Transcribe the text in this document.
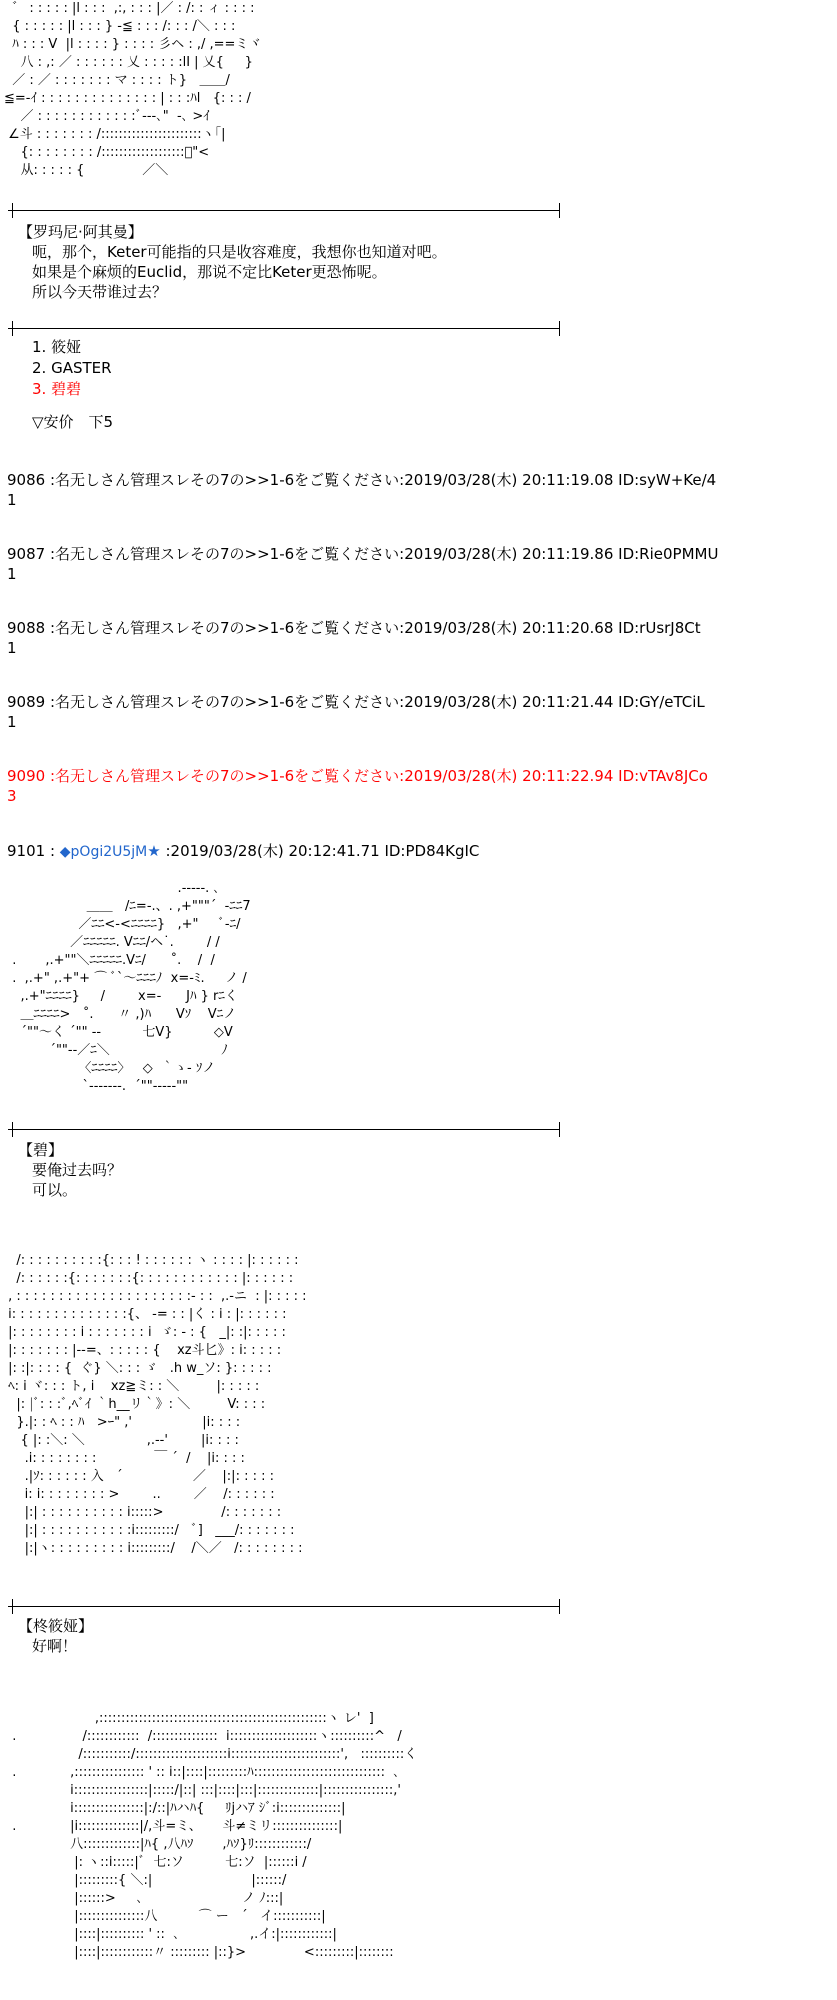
゛ : : : : : |l : : :  ,:, : : : |／ : /: : ィ : : : :
{ : : : : : |l : : : } ‐≦ : : : /: : : /＼ : : :
ﾊ : : : V  |l : : : : } : : : : 彡ヘ : ,/ ,==ミヾ
八 : ,: ／ : : : : : : 乂 : : : : :lI | 乂{     }
／ : ／ : : : : : : : マ : : : : ト}   ＿＿/
≦=-ｲ : : : : : : : : : : : : : : | : : :ﾊl   {: : : /
／ : : : : : : : : : : : :ﾞ‐-‐､"  -､ >ｲ
∠斗 : : : : : : : /:::::::::::::::::::::::ヽ｢|
{: : : : : : : : /:::::::::::::::::::ﾞ"<
从: : : : : {              ／＼
【罗玛尼·阿其曼】
呃，那个，Keter可能指的只是收容难度，我想你也知道对吧。
如果是个麻烦的Euclid，那说不定比Keter更恐怖呢。
所以今天带谁过去？
1. 筱娅
2. GASTER
3. 碧碧
▽安价　下5
9086 :名无しさん管理スレその7の>>1-6をご覧ください:2019/03/28(木) 20:11:19.08 ID:syW+Ke/4
1
9087 :名无しさん管理スレその7の>>1-6をご覧ください:2019/03/28(木) 20:11:19.86 ID:Rie0PMMU
1
9088 :名无しさん管理スレその7の>>1-6をご覧ください:2019/03/28(木) 20:11:20.68 ID:rUsrJ8Ct
1
9089 :名无しさん管理スレその7の>>1-6をご覧ください:2019/03/28(木) 20:11:21.44 ID:GY/eTCiL
1
9090 :名无しさん管理スレその7の>>1-6をご覧ください:2019/03/28(木) 20:11:22.94 ID:vTAv8JCo
3
9101 : ◆pOgi2U5jM★ :2019/03/28(木) 20:12:41.71 ID:PD84KgIC
.-----. ､
＿＿   /ﾆ=-.、. ,+"""´  -ﾆﾆ7
／ﾆﾆ<-<ﾆﾆﾆﾆ}   ,+"     ﾞ-ﾆ/
／ﾆﾆﾆﾆﾆ. Vﾆﾆ/ヘ˙.        / /
.       ,.+""＼ﾆﾆﾆﾆﾆ.Vﾆ/      ˚.    /  /
.  ,.+" ,.+"+ ⌒ ﾞ`～ﾆﾆﾆﾉ  x=-ﾐ.     ノ /
,.+"ﾆﾆﾆﾆ}     /        x=-      Jﾊ } rﾆく
＿ﾆﾆﾆﾆ>   ˚.      〃 ,)ﾊ      Vｿ    Vﾆノ
´""～く ´"" --          七V}          ◇V
´""--／ﾆ＼                           ﾉ
〈ﾆﾆﾆﾆ〉   ◇  ｀ゝ- ｿノ
`-------.  ´""-----""
【碧】
要俺过去吗？
可以。
/: : : : : : : : : :{: : : ! : : : : : : ヽ : : : : |: : : : : :
/: : : : : :{: : : : : : :{: : : : : : : : : : : : |: : : : : :
, : : : : : : : : : : : : : : : : : : : : :- : :  ,.-ニ  : |: : : : :
i: : : : : : : : : : : : : :{、 -= : : |く : i : |: : : : : :
|: : : : : : : : i : : : : : : : i  ゞ: ‐ : {   _|: :|: : : : :
|: : : : : : : |‐‐=、: : : : : {    xz斗匕》: i: : : : :
|: :|: : : : {  ぐ} ＼: : : ゞ   .h w_ソ: }: : : : :
ﾍ: i ヾ: : : ト, i    xz≧ミ: : ＼         |: : : : :
|: |ﾞ: : :ﾞ,ﾍﾞｲ ｀h__リ｀》: ＼         V: : : :
}.|: : ﾍ : : ﾊ   >ｰ" ,'                 |i: : : :
{ |: :＼: ＼               ,.-‐'        |i: : : :
.i: : : : : : : :              ￣ ´  /    |i: : : :
.|ｿ: : : : : : 入   ´                 ／    |:|: : : : :
i: i: : : : : : : : >        ..        ／    /: : : : : :
|:| : : : : : : : : : : i:::::>              /: : : : : : :
|:| : : : : : : : : : : :i:::::::::/   ﾞ]   ___/: : : : : : :
|:|ヽ: : : : : : : : : i:::::::::/    /＼／   /: : : : : : : :
【柊筱娅】
好啊！
,::::::::::::::::::::::::::::::::::::::::::::::::::::ヽ レ'  ]
.                /::::::::::::  /:::::::::::::::  i::::::::::::::::::::ヽ::::::::::^   /
/:::::::::::/:::::::::::::::::::::i:::::::::::::::::::::::::',   ::::::::::く
.             ,:::::::::::::::: ' :: i::|::::|:::::::::ﾊ::::::::::::::::::::::::::::::  ､
i:::::::::::::::::|:::::/|::| :::|::::|:::|::::::::::::::|::::::::::::::::,'
i::::::::::::::::|:/::|ﾊハﾊ{     ﾘjハｱ ｼﾞ:i::::::::::::::|
.             |i::::::::::::::|/,斗=ミ、     斗≠ミリ:::::::::::::::|
八:::::::::::::|ﾊ{ ,八ﾊｿ       ,ﾊｿ}ﾘ::::::::::::/
|: ヽ::i:::::|ﾞ  七:ソ          七:ソ  |::::::i /
|:::::::::{ ＼:|                        |::::::/
|::::::>     ､                        ノ ﾉ:::|
|:::::::::::::::八          ⌒ ー   ´   イ:::::::::::|
|::::|:::::::::: ' ::  ､                 ,.イ:|::::::::::::|
|::::|::::::::::::〃 ::::::::: |::}>              <:::::::::|::::::::
